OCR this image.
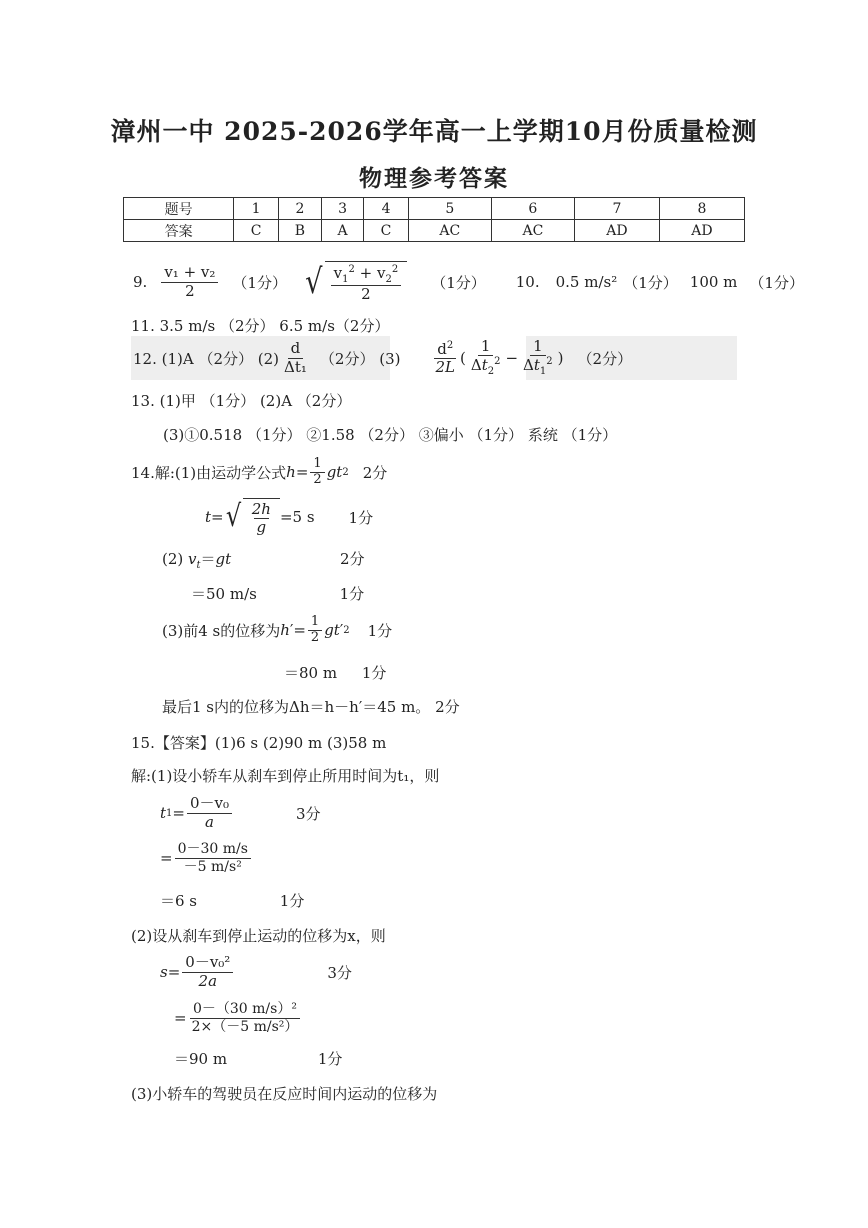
漳州一中 2025-2026学年高一上学期10月份质量检测
物理参考答案
题号	1	2	3	4	5	6	7	8
答案	C	B	A	C	AC	AC	AD	AD
9. $\frac{\text{v₁ + v₂}}{2} (1$分） √ $\frac{v_1^2 + v_2^2}{2} (1$分） 10. 0.5 m/s² （1分） 100 m （1分）
11. 3.5 m/s （2分） 6.5 m/s（2分）
12. (1)A （2分） $(2) \frac{d}{\text{Δt₁}} (2$分） $(3) \frac{d^2}{2L}$ ( $\frac{1}{\Delta t_2^2} - \frac{1}{\Delta t_1^2}$ ) （2分）
13. (1)甲 （1分） (2)A （2分）
(3)①0.518 （1分） ②1.58 （2分） ③偏小 （1分） 系统 （1分）
14.解:(1)由运动学公式 $h = \frac{1}{2}$ gt 2 2分
t = √ $\frac{2h}{g} =5$ s 1分
(2) $v_t=gt$	2分
＝50 m/s	1分
(3)前4 s的位移为 h ′= $\frac{1}{2}$ gt ′ 2 1分
＝80 m 1分
最后1 s内的位移为Δh＝h－h′＝45 m。 2分
15.【答案】(1)6 s (2)90 m (3)58 m
解:(1)设小轿车从刹车到停止所用时间为t₁，则
t $1 = \frac{\text{0－v₀}}{a}$	3分
= $\frac{0-30 m/s}{\text{－5 m/s²}}$
＝6 s	1分
(2)设从刹车到停止运动的位移为x，则
$s = \frac{\text{0－v₀²}}{2a}$	3分
= $\frac{\text{0－（30 m/s）²}}{\text{2×（－5 m/s²）}}$
＝90 m	1分
(3)小轿车的驾驶员在反应时间内运动的位移为
